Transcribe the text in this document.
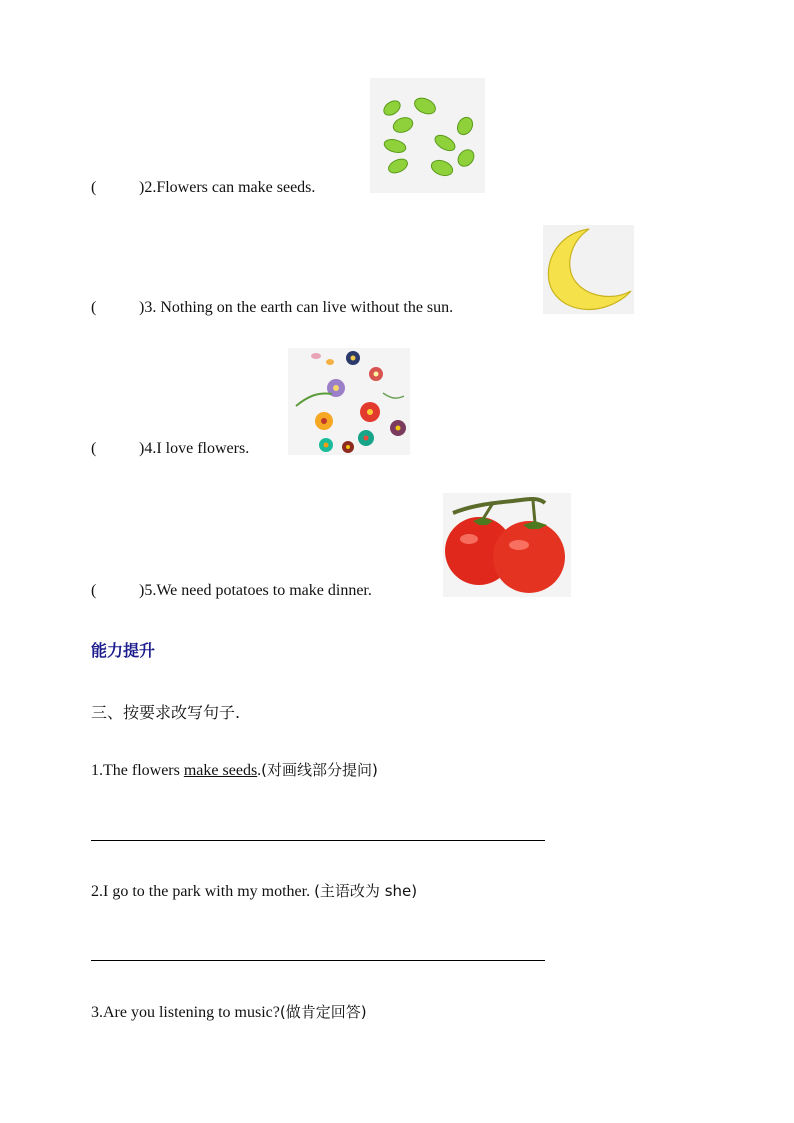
(	)2.Flowers can make seeds.
(	)3. Nothing on the earth can live without the sun.
(	)4.I love flowers.
(	)5.We need potatoes to make dinner.
能力提升
三、按要求改写句子.
1.The flowers make seeds.(对画线部分提问)
2.I go to the park with my mother. (主语改为 she)
3.Are you listening to music?(做肯定回答)
